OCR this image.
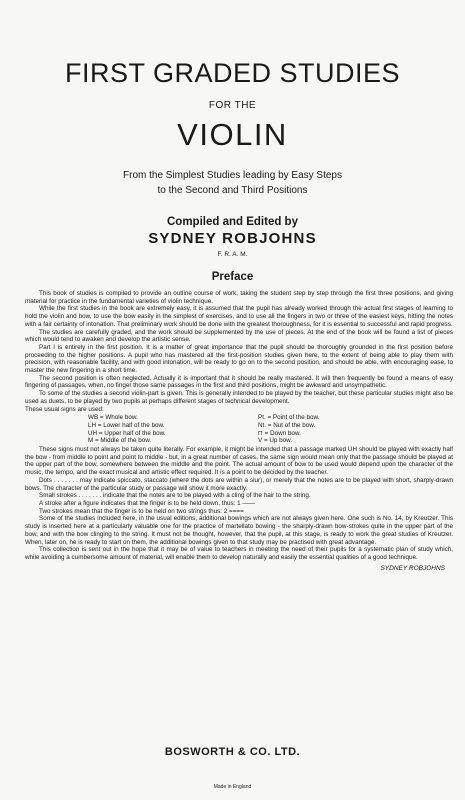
FIRST GRADED STUDIES
FOR THE
VIOLIN
From the Simplest Studies leading by Easy Steps
to the Second and Third Positions
Compiled and Edited by
SYDNEY ROBJOHNS
F. R. A. M.
Preface

This book of studies is compiled to provide an outline course of work, taking the student step by step through the first three positions, and giving material for practice in the fundamental varieties of violin technique.

While the first studies in the book are extremely easy, it is assumed that the pupil has already worked through the actual first stages of learning to hold the violin and bow, to use the bow easily in the simplest of exercises, and to use all the fingers in two or three of the easiest keys, hitting the notes with a fair certainty of intonation. That preliminary work should be done with the greatest thoroughness, for it is essential to successful and rapid progress.

The studies are carefully graded, and the work should be supplemented by the use of pieces. At the end of the book will be found a list of pieces which would tend to awaken and develop the artistic sense.

Part I is entirely in the first position. It is a matter of great importance that the pupil should be thoroughly grounded in the first position before proceeding to the higher positions. A pupil who has mastered all the first-position studies given here, to the extent of being able to play them with precision, with reasonable facility, and with good intonation, will be ready to go on to the second position, and should be able, with encouraging ease, to master the new fingering in a short time.

The second position is often neglected. Actually it is important that it should be really mastered. It will then frequently be found a means of easy fingering of passages, when, no finger those same passages in the first and third positions, might be awkward and unsympathetic.

To some of the studies a second violin-part is given. This is generally intended to be played by the teacher, but these particular studies might also be used as duets, to be played by two pupils at perhaps different stages of technical development.

These usual signs are used:

WB = Whole bow.	Pt. = Point of the bow.
LH = Lower half of the bow.	Nt. = Nut of the bow.
UH = Upper half of the bow.	⊓ = Down bow.
M = Middle of the bow.	V = Up bow.

These signs must not always be taken quite literally. For example, it might be intended that a passage marked UH should be played with exactly half the bow - from middle to point and point to middle - but, in a great number of cases, the same sign would mean only that the passage should be played at the upper part of the bow, somewhere between the middle and the point. The actual amount of bow to be used would depend upon the character of the music, the tempo, and the exact musical and artistic effect required. It is a point to be decided by the teacher.

Dots . . . . . . . may indicate spiccato, staccato (where the dots are within a slur), or merely that the notes are to be played with short, sharply-drawn bows. The character of the particular study or passage will show it more exactly.

Small strokes . . . . . . . indicate that the notes are to be played with a cling of the hair to the string.

A stroke after a figure indicates that the finger is to be held down, thus: 1 ——

Two strokes mean that the finger is to be held on two strings thus: 2 ====

Some of the studies included here, in the usual editions, additional bowings which are not always given here. One such is No. 14, by Kreutzer. This study is inserted here at a particularly valuable one for the practice of martellato bowing - the sharply-drawn bow-strokes quite in the upper part of the bow, and with the bow clinging to the string. It must not be thought, however, that the pupil, at this stage, is ready to work the great studies of Kreutzer. When, later on, he is ready to start on them, the additional bowings given to that study may be practised with great advantage.

This collection is sent out in the hope that it may be of value to teachers in meeting the need of their pupils for a systematic plan of study which, while avoiding a cumbersome amount of material, will enable them to develop naturally and easily the essential qualities of a good technique.

SYDNEY ROBJOHNS
BOSWORTH & CO. LTD.
Made in England
